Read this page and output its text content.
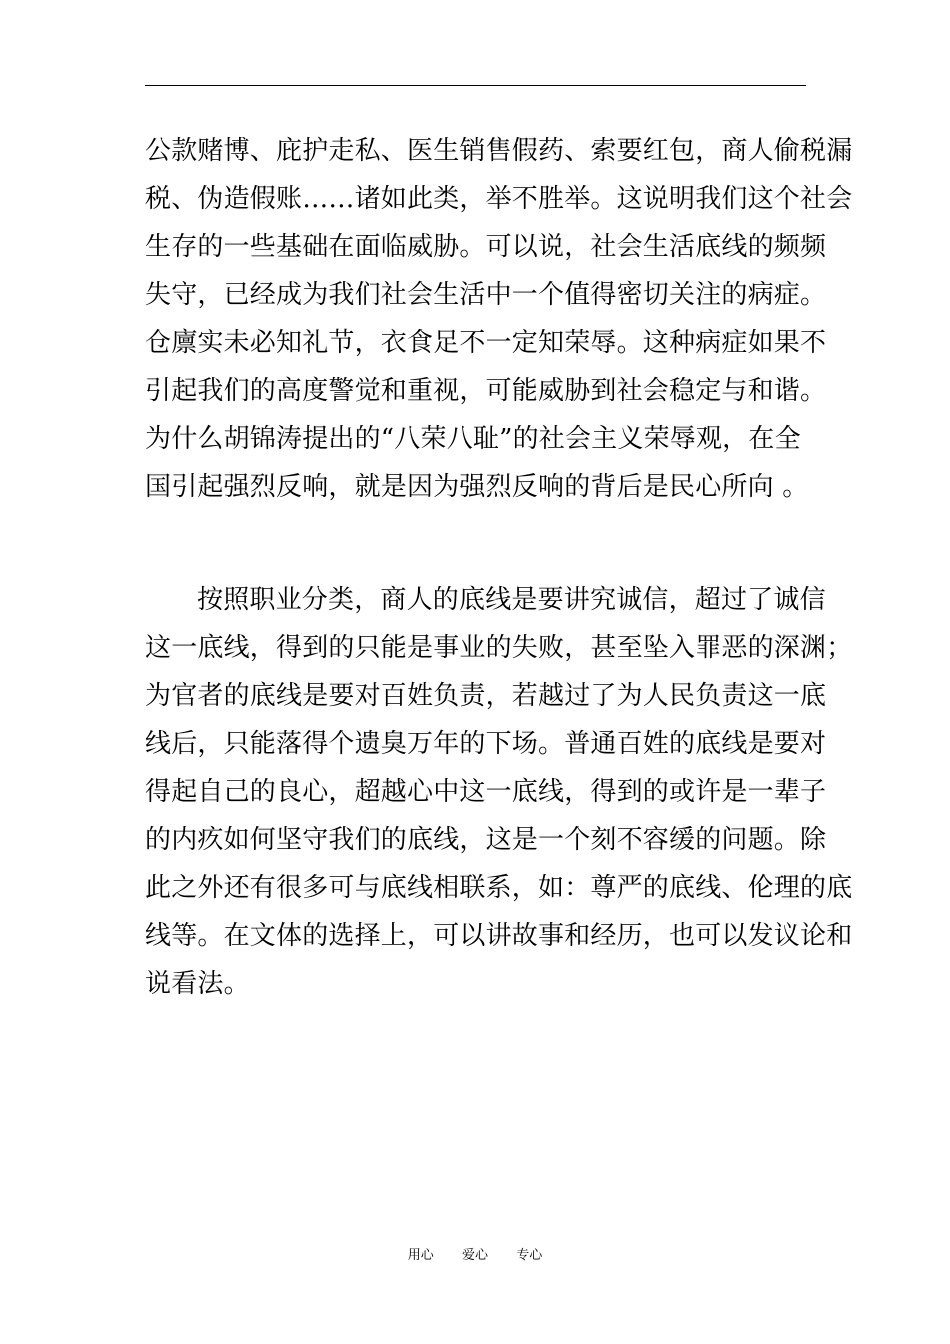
公款赌博、庇护走私、医生销售假药、索要红包，商人偷税漏
税、伪造假账……诸如此类，举不胜举。这说明我们这个社会
生存的一些基础在面临威胁。可以说，社会生活底线的频频
失守，已经成为我们社会生活中一个值得密切关注的病症。
仓廪实未必知礼节，衣食足不一定知荣辱。这种病症如果不
引起我们的高度警觉和重视，可能威胁到社会稳定与和谐。
为什么胡锦涛提出的“八荣八耻”的社会主义荣辱观，在全
国引起强烈反响，就是因为强烈反响的背后是民心所向 。
按照职业分类，商人的底线是要讲究诚信，超过了诚信
这一底线，得到的只能是事业的失败，甚至坠入罪恶的深渊；
为官者的底线是要对百姓负责，若越过了为人民负责这一底
线后，只能落得个遗臭万年的下场。普通百姓的底线是要对
得起自己的良心，超越心中这一底线，得到的或许是一辈子
的内疚如何坚守我们的底线，这是一个刻不容缓的问题。除
此之外还有很多可与底线相联系，如：尊严的底线、伦理的底
线等。在文体的选择上，可以讲故事和经历，也可以发议论和
说看法。
用心  爱心  专心
